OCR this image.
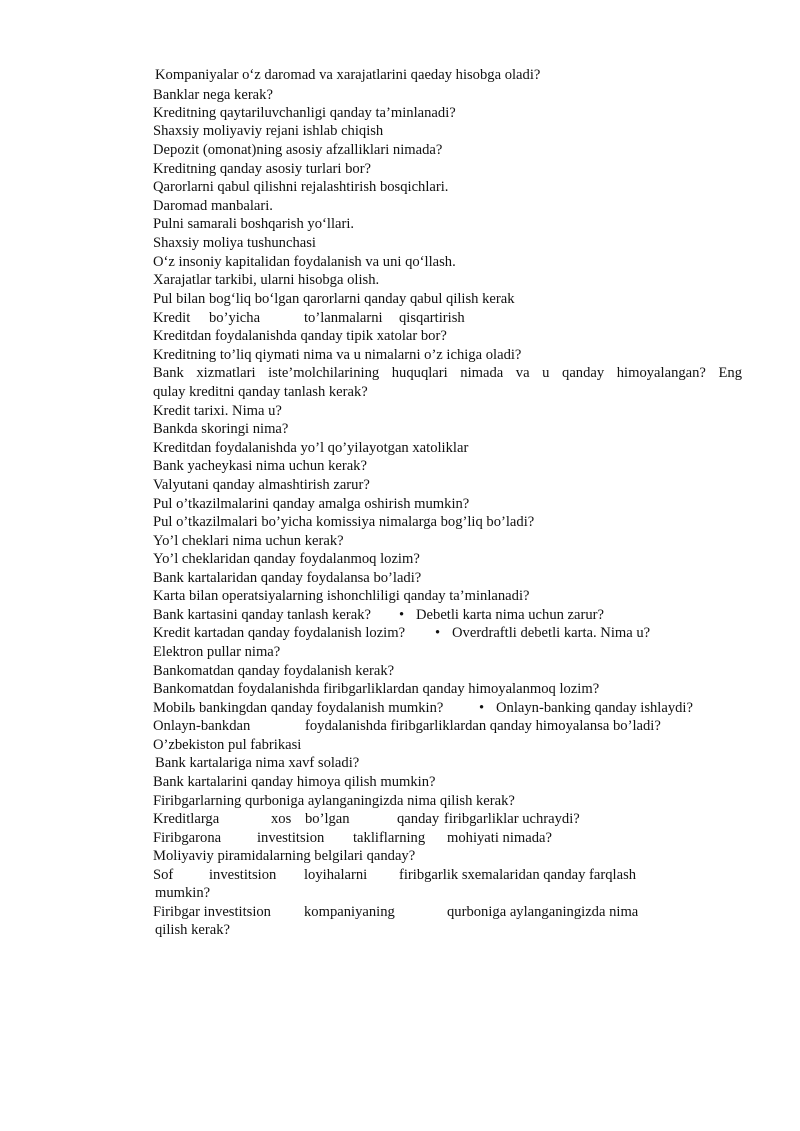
Kompaniyalar o‘z daromad va xarajatlarini qaeday hisobga oladi?
Banklar nega kerak?
Kreditning qaytariluvchanligi qanday ta’minlanadi?
Shaxsiy moliyaviy rejani ishlab chiqish
Depozit (omonat)ning asosiy afzalliklari nimada?
Kreditning qanday asosiy turlari bor?
Qarorlarni qabul qilishni rejalashtirish bosqichlari.
Daromad manbalari.
Pulni samarali boshqarish yo‘llari.
Shaxsiy moliya tushunchasi
O‘z insoniy kapitalidan foydalanish va uni qo‘llash.
Xarajatlar tarkibi, ularni hisobga olish.
Pul bilan bog‘liq bo‘lgan qarorlarni qanday qabul qilish kerak
Kredit bo’yicha	to’lanmalarni qisqartirish
Kreditdan foydalanishda qanday tipik xatolar bor?
Kreditning to’liq qiymati nima va u nimalarni o’z ichiga oladi?
Bank xizmatlari iste’molchilarining huquqlari nimada va u qanday himoyalangan? Eng
qulay kreditni qanday tanlash kerak?
Kredit tarixi. Nima u?
Bankda skoringi nima?
Kreditdan foydalanishda yo’l qo’yilayotgan xatoliklar
Bank yacheykasi nima uchun kerak?
Valyutani qanday almashtirish zarur?
Pul o’tkazilmalarini qanday amalga oshirish mumkin?
Pul o’tkazilmalari bo’yicha komissiya nimalarga bog’liq bo’ladi?
Yo’l cheklari nima uchun kerak?
Yo’l cheklaridan qanday foydalanmoq lozim?
Bank kartalaridan qanday foydalansa bo’ladi?
Karta bilan operatsiyalarning ishonchliligi qanday ta’minlanadi?
Bank kartasini qanday tanlash kerak? • Debetli karta nima uchun zarur?
Kredit kartadan qanday foydalanish lozim? • Overdraftli debetli karta. Nima u?
Elektron pullar nima?
Bankomatdan qanday foydalanish kerak?
Bankomatdan foydalanishda firibgarliklardan qanday himoyalanmoq lozim?
Mobilь bankingdan qanday foydalanish mumkin? • Onlayn-banking qanday ishlaydi?
Onlayn-bankdan	foydalanishda firibgarliklardan qanday himoyalansa bo’ladi?
O’zbekiston pul fabrikasi
Bank kartalariga nima xavf soladi?
Bank kartalarini qanday himoya qilish mumkin?
Firibgarlarning qurboniga aylanganingizda nima qilish kerak?
Kreditlarga	xos bo’lgan	qanday firibgarliklar uchraydi?
Firibgarona investitsion takliflarning mohiyati nimada?
Moliyaviy piramidalarning belgilari qanday?
Sof investitsion loyihalarni firibgarlik sxemalaridan qanday farqlash
mumkin?
Firibgar investitsion kompaniyaning	qurboniga aylanganingizda nima
qilish kerak?
